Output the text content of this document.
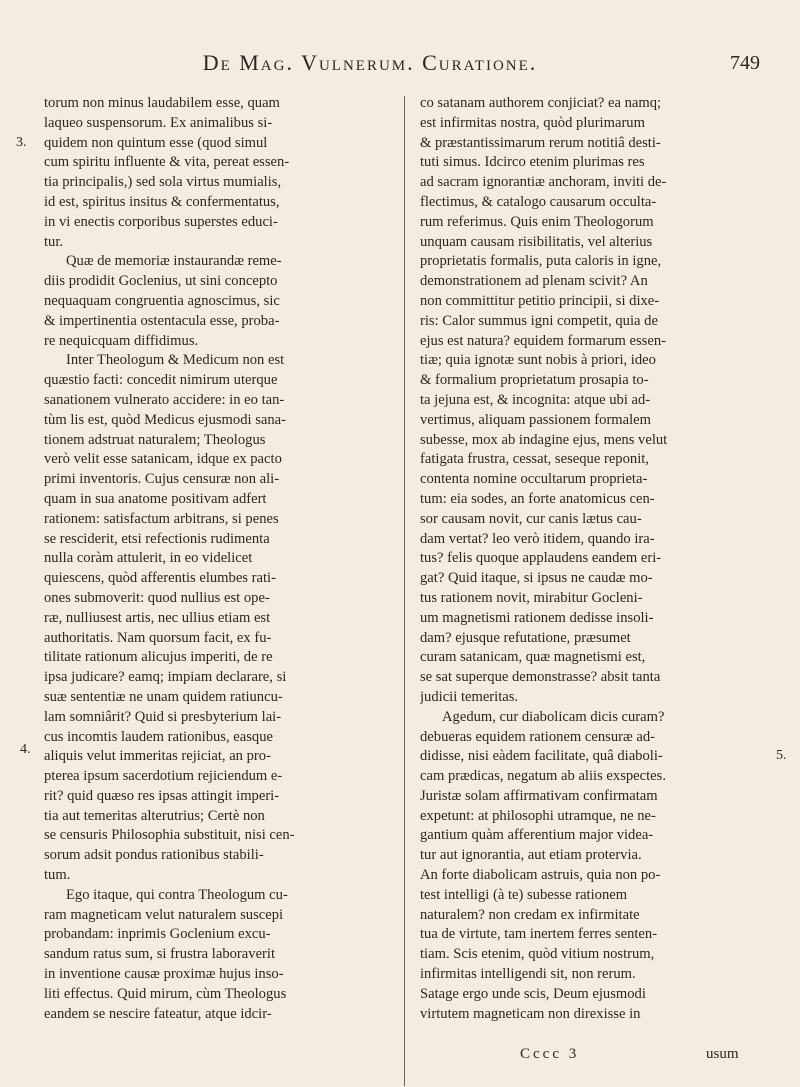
De Mag. Vulnerum. Curatione.	749
3.
4.	5.
torum non minus laudabilem esse, quam
laqueo suspensorum. Ex animalibus si-
quidem non quintum esse (quod simul
cum spiritu influente & vita, pereat essen-
tia principalis,) sed sola virtus mumialis,
id est, spiritus insitus & confermentatus,
in vi enectis corporibus superstes educi-
tur.
Quæ de memoriæ instaurandæ reme-
diis prodidit Goclenius, ut sini concepto
nequaquam congruentia agnoscimus, sic
& impertinentia ostentacula esse, proba-
re nequicquam diffidimus.
Inter Theologum & Medicum non est
quæstio facti: concedit nimirum uterque
sanationem vulnerato accidere: in eo tan-
tùm lis est, quòd Medicus ejusmodi sana-
tionem adstruat naturalem; Theologus
verò velit esse satanicam, idque ex pacto
primi inventoris. Cujus censuræ non ali-
quam in sua anatome positivam adfert
rationem: satisfactum arbitrans, si penes
se resciderit, etsi refectionis rudimenta
nulla coràm attulerit, in eo videlicet
quiescens, quòd afferentis elumbes rati-
ones submoverit: quod nullius est ope-
ræ, nulliusest artis, nec ullius etiam est
authoritatis. Nam quorsum facit, ex fu-
tilitate rationum alicujus imperiti, de re
ipsa judicare? eamq; impiam declarare, si
suæ sententiæ ne unam quidem ratiuncu-
lam somniârit? Quid si presbyterium lai-
cus incomtis laudem rationibus, easque
aliquis velut immeritas rejiciat, an pro-
pterea ipsum sacerdotium rejiciendum e-
rit? quid quæso res ipsas attingit imperi-
tia aut temeritas alterutrius; Certè non
se censuris Philosophia substituit, nisi cen-
sorum adsit pondus rationibus stabili-
tum.
Ego itaque, qui contra Theologum cu-
ram magneticam velut naturalem suscepi
probandam: inprimis Goclenium excu-
sandum ratus sum, si frustra laboraverit
in inventione causæ proximæ hujus inso-
liti effectus. Quid mirum, cùm Theologus
eandem se nescire fateatur, atque idcir-
co satanam authorem conjiciat? ea namq;
est infirmitas nostra, quòd plurimarum
& præstantissimarum rerum notitiâ desti-
tuti simus. Idcirco etenim plurimas res
ad sacram ignorantiæ anchoram, inviti de-
flectimus, & catalogo causarum occulta-
rum referimus. Quis enim Theologorum
unquam causam risibilitatis, vel alterius
proprietatis formalis, puta caloris in igne,
demonstrationem ad plenam scivit? An
non committitur petitio principii, si dixe-
ris: Calor summus igni competit, quia de
ejus est natura? equidem formarum essen-
tiæ; quia ignotæ sunt nobis à priori, ideo
& formalium proprietatum prosapia to-
ta jejuna est, & incognita: atque ubi ad-
vertimus, aliquam passionem formalem
subesse, mox ab indagine ejus, mens velut
fatigata frustra, cessat, seseque reponit,
contenta nomine occultarum proprieta-
tum: eia sodes, an forte anatomicus cen-
sor causam novit, cur canis lætus cau-
dam vertat? leo verò itidem, quando ira-
tus? felis quoque applaudens eandem eri-
gat? Quid itaque, si ipsus ne caudæ mo-
tus rationem novit, mirabitur Gocleni-
um magnetismi rationem dedisse insoli-
dam? ejusque refutatione, præsumet
curam satanicam, quæ magnetismi est,
se sat superque demonstrasse? absit tanta
judicii temeritas.
Agedum, cur diabolicam dicis curam?
debueras equidem rationem censuræ ad-
didisse, nisi eàdem facilitate, quâ diaboli-
cam prædicas, negatum ab aliis exspectes.
Juristæ solam affirmativam confirmatam
expetunt: at philosophi utramque, ne ne-
gantium quàm afferentium major videa-
tur aut ignorantia, aut etiam protervia.
An forte diabolicam astruis, quia non po-
test intelligi (à te) subesse rationem
naturalem? non credam ex infirmitate
tua de virtute, tam inertem ferres senten-
tiam. Scis etenim, quòd vitium nostrum,
infirmitas intelligendi sit, non rerum.
Satage ergo unde scis, Deum ejusmodi
virtutem magneticam non direxisse in
Cccc 3	usum
